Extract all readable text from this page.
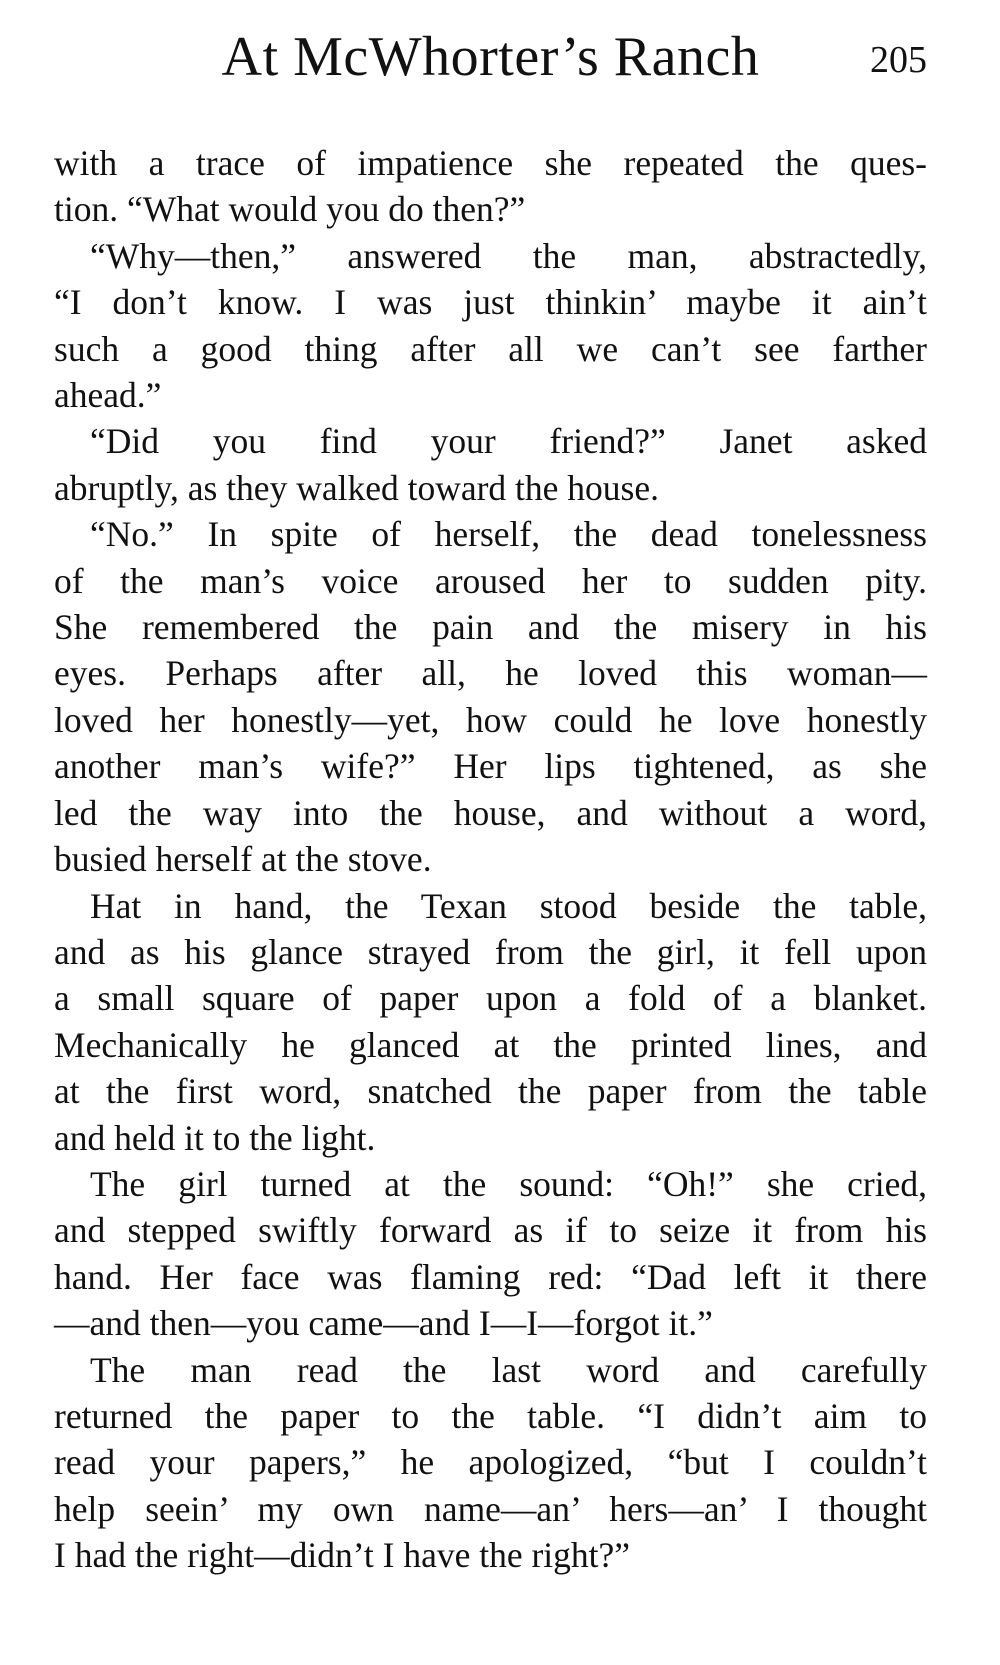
At McWhorter’s Ranch	205
with a trace of impatience she repeated the ques-
tion. “What would you do then?”
“Why—then,” answered the man, abstractedly,
“I don’t know. I was just thinkin’ maybe it ain’t
such a good thing after all we can’t see farther
ahead.”
“Did you find your friend?” Janet asked
abruptly, as they walked toward the house.
“No.” In spite of herself, the dead tonelessness
of the man’s voice aroused her to sudden pity.
She remembered the pain and the misery in his
eyes. Perhaps after all, he loved this woman—
loved her honestly—yet, how could he love honestly
another man’s wife?” Her lips tightened, as she
led the way into the house, and without a word,
busied herself at the stove.
Hat in hand, the Texan stood beside the table,
and as his glance strayed from the girl, it fell upon
a small square of paper upon a fold of a blanket.
Mechanically he glanced at the printed lines, and
at the first word, snatched the paper from the table
and held it to the light.
The girl turned at the sound: “Oh!” she cried,
and stepped swiftly forward as if to seize it from his
hand. Her face was flaming red: “Dad left it there
—and then—you came—and I—I—forgot it.”
The man read the last word and carefully
returned the paper to the table. “I didn’t aim to
read your papers,” he apologized, “but I couldn’t
help seein’ my own name—an’ hers—an’ I thought
I had the right—didn’t I have the right?”
